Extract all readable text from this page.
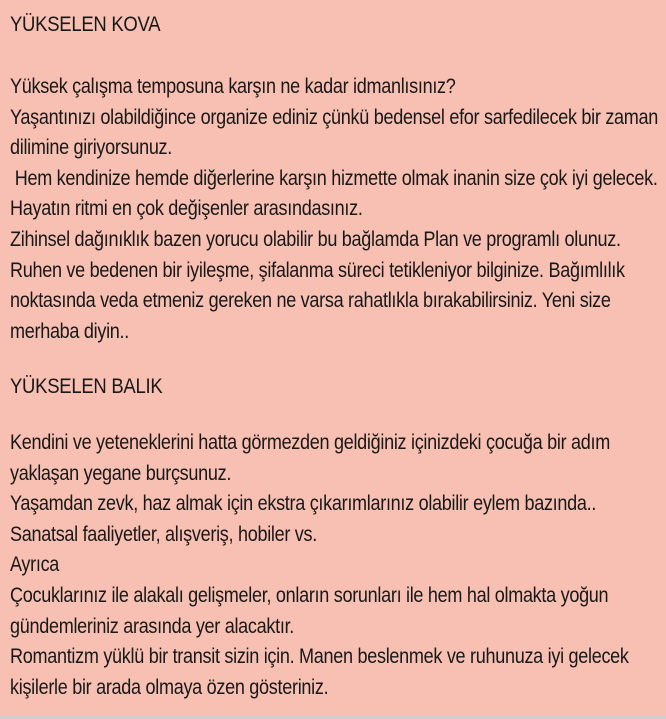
YÜKSELEN KOVA
Yüksek çalışma temposuna karşın ne kadar idmanlısınız?
Yaşantınızı olabildiğince organize ediniz çünkü bedensel efor sarfedilecek bir zaman
dilimine giriyorsunuz.
Hem kendinize hemde diğerlerine karşın hizmette olmak inanin size çok iyi gelecek.
Hayatın ritmi en çok değişenler arasındasınız.
Zihinsel dağınıklık bazen yorucu olabilir bu bağlamda Plan ve programlı olunuz.
Ruhen ve bedenen bir iyileşme, şifalanma süreci tetikleniyor bilginize. Bağımlılık
noktasında veda etmeniz gereken ne varsa rahatlıkla bırakabilirsiniz. Yeni size
merhaba diyin..
YÜKSELEN BALIK
Kendini ve yeteneklerini hatta görmezden geldiğiniz içinizdeki çocuğa bir adım
yaklaşan yegane burçsunuz.
Yaşamdan zevk, haz almak için ekstra çıkarımlarınız olabilir eylem bazında..
Sanatsal faaliyetler, alışveriş, hobiler vs.
Ayrıca
Çocuklarınız ile alakalı gelişmeler, onların sorunları ile hem hal olmakta yoğun
gündemleriniz arasında yer alacaktır.
Romantizm yüklü bir transit sizin için. Manen beslenmek ve ruhunuza iyi gelecek
kişilerle bir arada olmaya özen gösteriniz.
